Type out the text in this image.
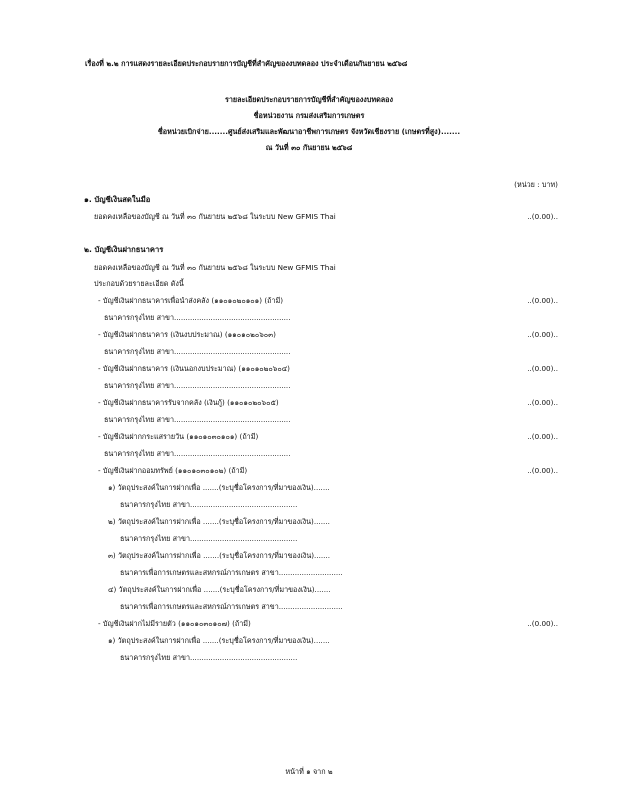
เรื่องที่ ๒.๒ การแสดงรายละเอียดประกอบรายการบัญชีที่สำคัญของงบทดลอง ประจำเดือนกันยายน ๒๕๖๘
รายละเอียดประกอบรายการบัญชีที่สำคัญของงบทดลอง
ชื่อหน่วยงาน กรมส่งเสริมการเกษตร
ชื่อหน่วยเบิกจ่าย.......ศูนย์ส่งเสริมและพัฒนาอาชีพการเกษตร จังหวัดเชียงราย (เกษตรที่สูง).......
ณ วันที่ ๓๐ กันยายน ๒๕๖๘
(หน่วย : บาท)
๑. บัญชีเงินสดในมือ
ยอดคงเหลือของบัญชี ณ วันที่ ๓๐ กันยายน ๒๕๖๘ ในระบบ New GFMIS Thai	..(0.00)..
๒. บัญชีเงินฝากธนาคาร
ยอดคงเหลือของบัญชี ณ วันที่ ๓๐ กันยายน ๒๕๖๘ ในระบบ New GFMIS Thai
ประกอบด้วยรายละเอียด ดังนี้
- บัญชีเงินฝากธนาคารเพื่อนำส่งคลัง (๑๑๐๑๐๒๐๑๐๑) (ถ้ามี)	..(0.00)..
ธนาคารกรุงไทย สาขา...................................................
- บัญชีเงินฝากธนาคาร (เงินงบประมาณ) (๑๑๐๑๐๒๐๖๐๓)	..(0.00)..
ธนาคารกรุงไทย สาขา...................................................
- บัญชีเงินฝากธนาคาร (เงินนอกงบประมาณ) (๑๑๐๑๐๒๐๖๐๔)	..(0.00)..
ธนาคารกรุงไทย สาขา...................................................
- บัญชีเงินฝากธนาคารรับจากคลัง (เงินกู้) (๑๑๐๑๐๒๐๖๐๕)	..(0.00)..
ธนาคารกรุงไทย สาขา...................................................
- บัญชีเงินฝากกระแสรายวัน (๑๑๐๑๐๓๐๑๐๑) (ถ้ามี)	..(0.00)..
ธนาคารกรุงไทย สาขา...................................................
- บัญชีเงินฝากออมทรัพย์ (๑๑๐๑๐๓๐๑๐๒) (ถ้ามี)	..(0.00)..
๑) วัตถุประสงค์ในการฝากเพื่อ .......(ระบุชื่อโครงการ/ที่มาของเงิน).......
ธนาคารกรุงไทย สาขา...............................................
๒) วัตถุประสงค์ในการฝากเพื่อ .......(ระบุชื่อโครงการ/ที่มาของเงิน).......
ธนาคารกรุงไทย สาขา...............................................
๓) วัตถุประสงค์ในการฝากเพื่อ .......(ระบุชื่อโครงการ/ที่มาของเงิน).......
ธนาคารเพื่อการเกษตรและสหกรณ์การเกษตร สาขา............................
๔) วัตถุประสงค์ในการฝากเพื่อ .......(ระบุชื่อโครงการ/ที่มาของเงิน).......
ธนาคารเพื่อการเกษตรและสหกรณ์การเกษตร สาขา............................
- บัญชีเงินฝากไม่มีรายตัว (๑๑๐๑๐๓๐๑๐๗) (ถ้ามี)	..(0.00)..
๑) วัตถุประสงค์ในการฝากเพื่อ .......(ระบุชื่อโครงการ/ที่มาของเงิน).......
ธนาคารกรุงไทย สาขา...............................................
หน้าที่ ๑ จาก ๒
